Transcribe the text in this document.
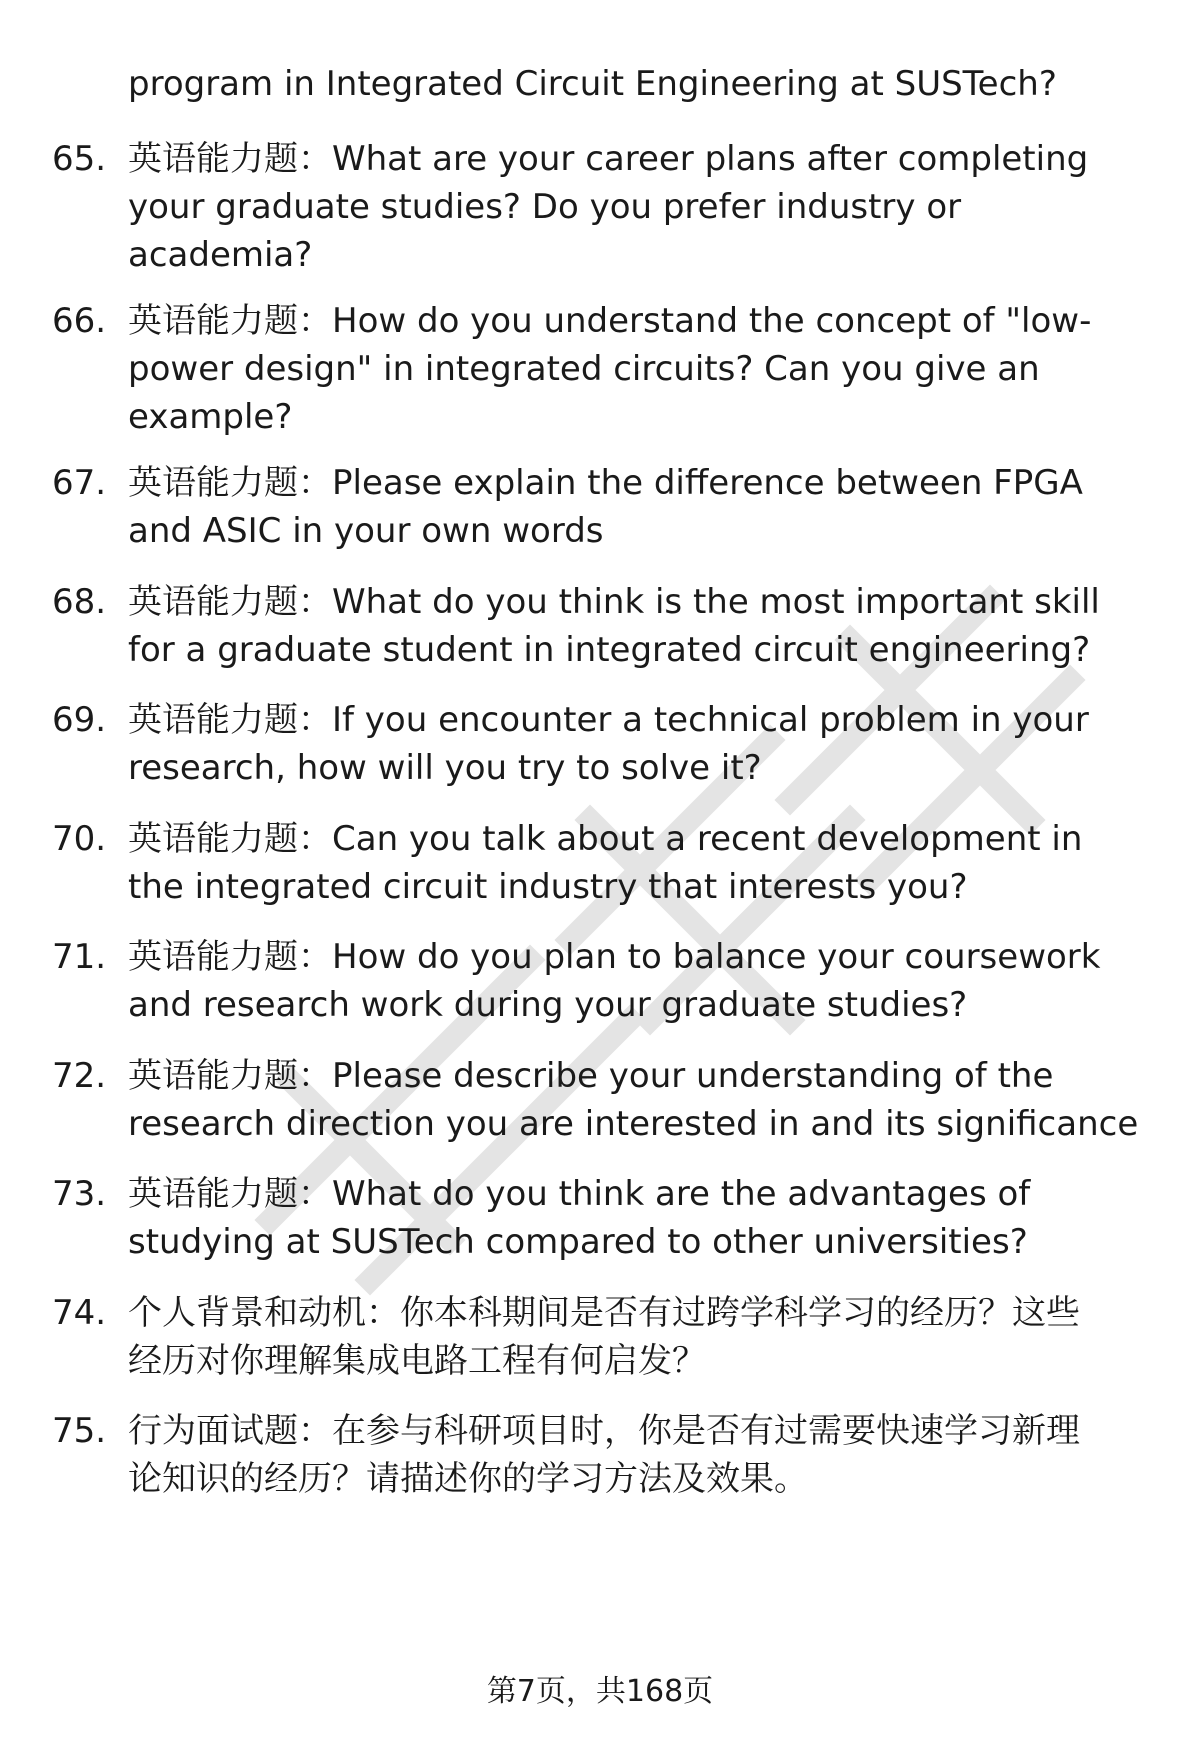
program in Integrated Circuit Engineering at SUSTech?
65. 英语能力题：What are your career plans after completing
your graduate studies? Do you prefer industry or
academia?
66. 英语能力题：How do you understand the concept of "low-
power design" in integrated circuits? Can you give an
example?
67. 英语能力题：Please explain the difference between FPGA
and ASIC in your own words
68. 英语能力题：What do you think is the most important skill
for a graduate student in integrated circuit engineering?
69. 英语能力题：If you encounter a technical problem in your
research, how will you try to solve it?
70. 英语能力题：Can you talk about a recent development in
the integrated circuit industry that interests you?
71. 英语能力题：How do you plan to balance your coursework
and research work during your graduate studies?
72. 英语能力题：Please describe your understanding of the
research direction you are interested in and its significance
73. 英语能力题：What do you think are the advantages of
studying at SUSTech compared to other universities?
74. 个人背景和动机：你本科期间是否有过跨学科学习的经历？这些
经历对你理解集成电路工程有何启发？
75. 行为面试题：在参与科研项目时，你是否有过需要快速学习新理
论知识的经历？请描述你的学习方法及效果。
第7页，共168页
